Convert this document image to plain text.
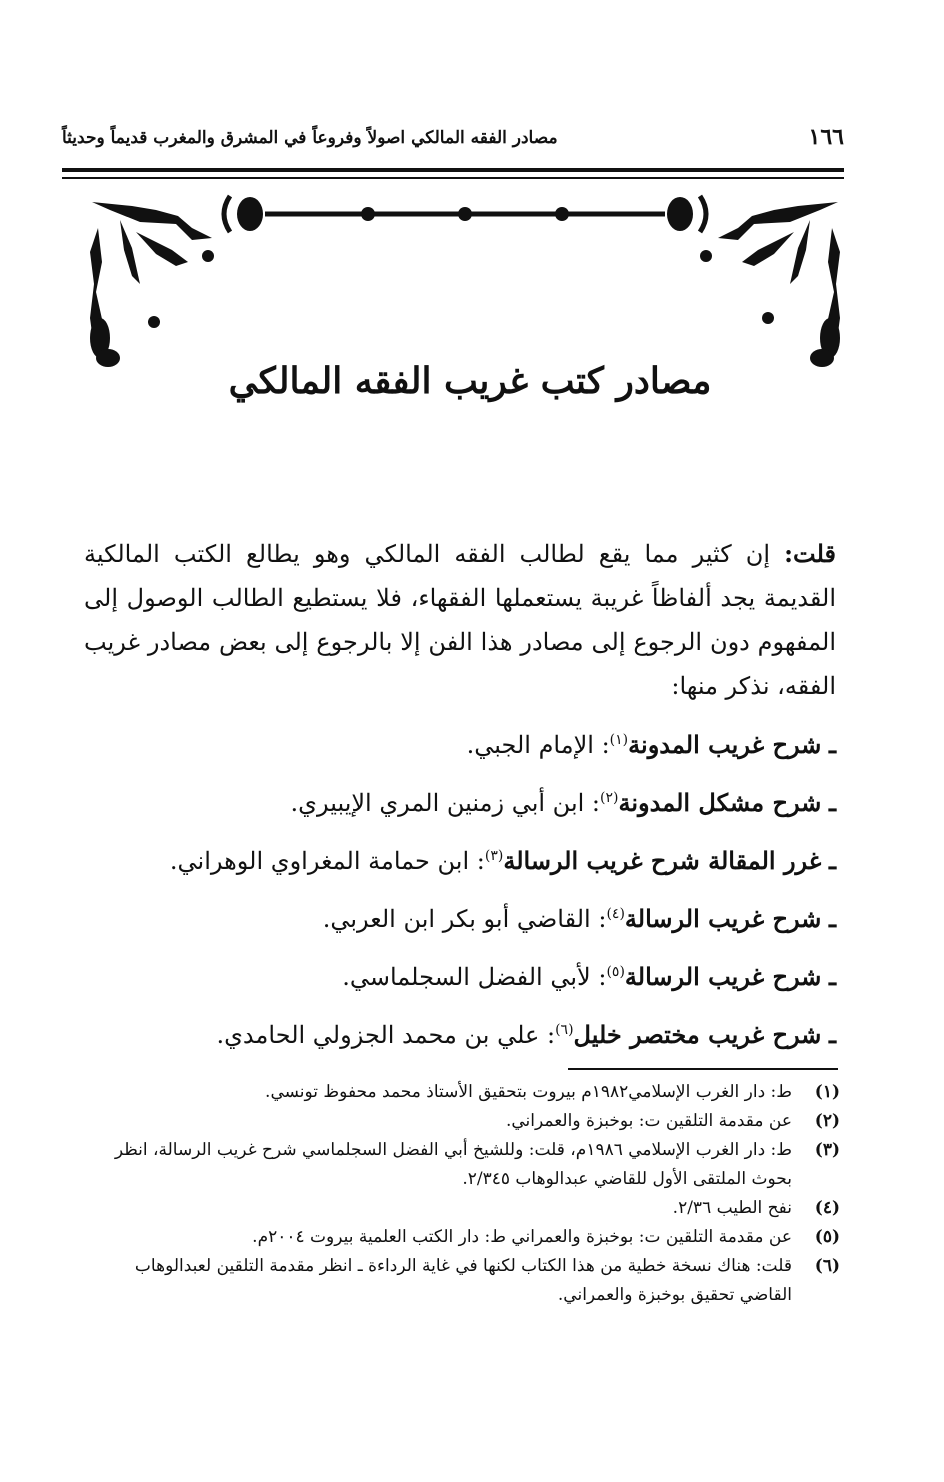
١٦٦
مصادر الفقه المالكي اصولاً وفروعاً في المشرق والمغرب قديماً وحديثاً
مصادر كتب غريب الفقه المالكي

قلت: إن كثير مما يقع لطالب الفقه المالكي وهو يطالع الكتب المالكية القديمة يجد ألفاظاً غريبة يستعملها الفقهاء، فلا يستطيع الطالب الوصول إلى المفهوم دون الرجوع إلى مصادر هذا الفن إلا بالرجوع إلى بعض مصادر غريب الفقه، نذكر منها:

ـ شرح غريب المدونة$^{(١)}$: الإمام الجبي.
ـ شرح مشكل المدونة$^{(٢)}$: ابن أبي زمنين المري الإيبيري.
ـ غرر المقالة شرح غريب الرسالة$^{(٣)}$: ابن حمامة المغراوي الوهراني.
ـ شرح غريب الرسالة$^{(٤)}$: القاضي أبو بكر ابن العربي.
ـ شرح غريب الرسالة$^{(٥)}$: لأبي الفضل السجلماسي.
ـ شرح غريب مختصر خليل$^{(٦)}$: علي بن محمد الجزولي الحامدي.
(١)
ط: دار الغرب الإسلامي١٩٨٢م بيروت بتحقيق الأستاذ محمد محفوظ تونسي.
(٢)
عن مقدمة التلقين ت: بوخبزة والعمراني.
(٣)
ط: دار الغرب الإسلامي ١٩٨٦م، قلت: وللشيخ أبي الفضل السجلماسي شرح غريب الرسالة، انظر بحوث الملتقى الأول للقاضي عبدالوهاب ٢/٣٤٥.
(٤)
نفح الطيب ٢/٣٦.
(٥)
عن مقدمة التلقين ت: بوخبزة والعمراني ط: دار الكتب العلمية بيروت ٢٠٠٤م.
(٦)
قلت: هناك نسخة خطية من هذا الكتاب لكنها في غاية الرداءة ـ انظر مقدمة التلقين لعبدالوهاب القاضي تحقيق بوخبزة والعمراني.
